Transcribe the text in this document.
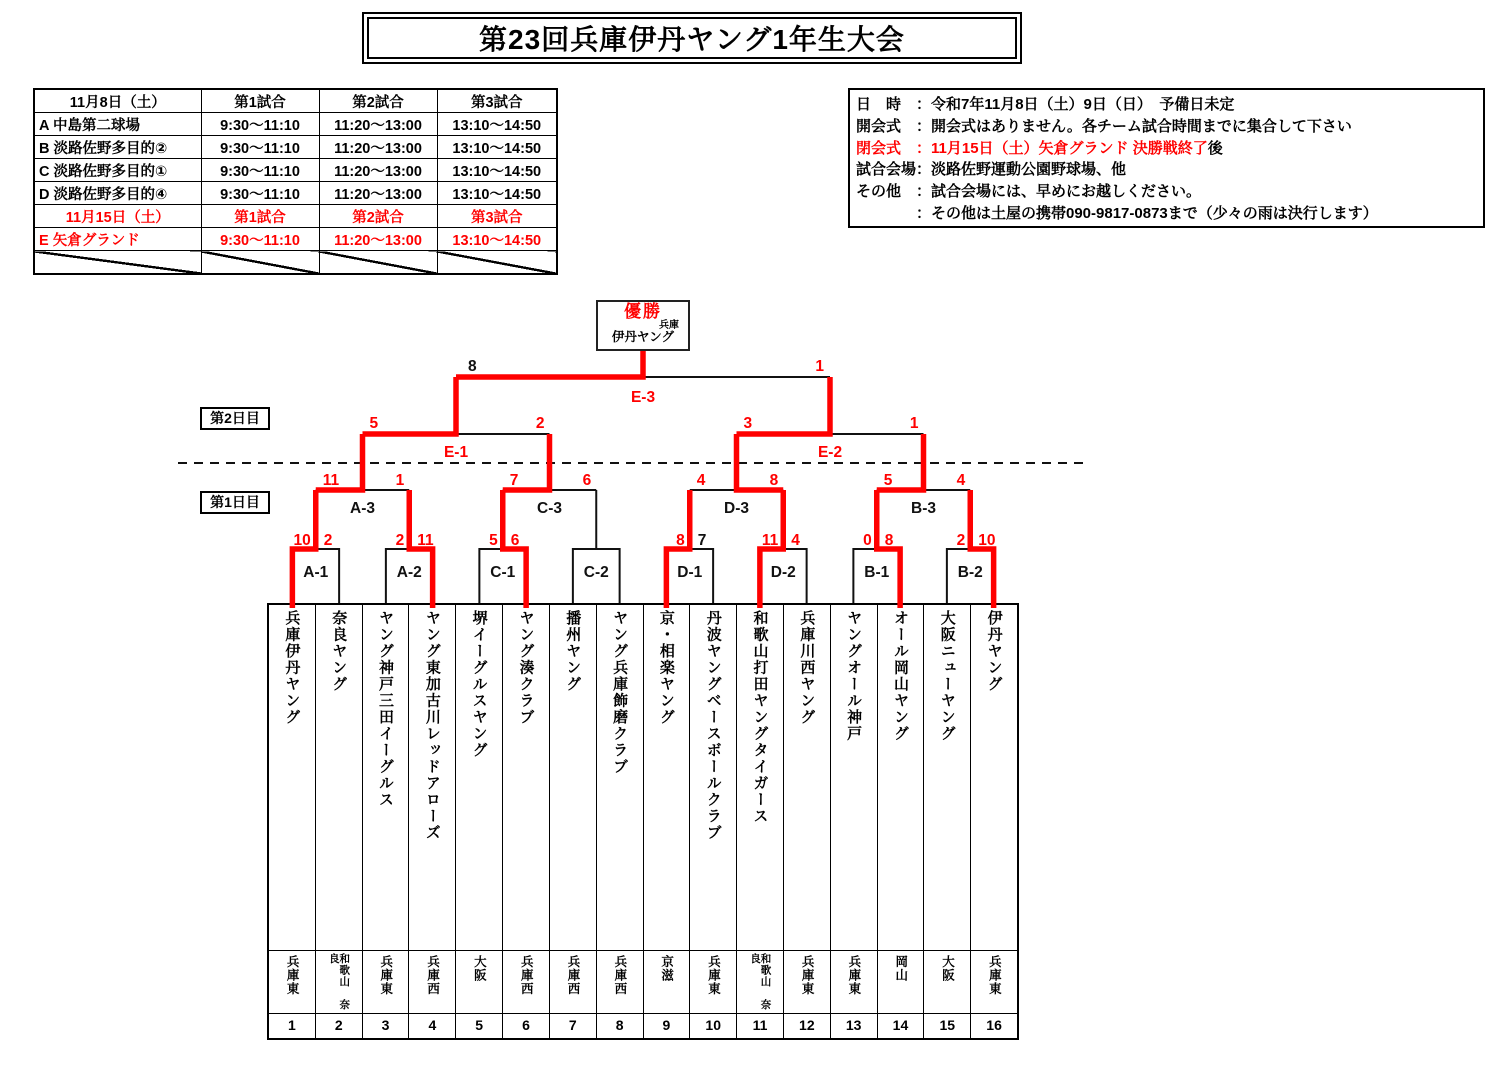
第23回兵庫伊丹ヤング1年生大会
11月8日（土）	第1試合	第2試合	第3試合
A 中島第二球場	9:30～11:10	11:20～13:00	13:10～14:50
B 淡路佐野多目的②	9:30～11:10	11:20～13:00	13:10～14:50
C 淡路佐野多目的①	9:30～11:10	11:20～13:00	13:10～14:50
D 淡路佐野多目的④	9:30～11:10	11:20～13:00	13:10～14:50
11月15日（土）	第1試合	第2試合	第3試合
E 矢倉グランド	9:30～11:10	11:20～13:00	13:10～14:50

日　時　：令和7年11月8日（土）9日（日）　予備日未定
開会式　：開会式はありません。各チーム試合時間までに集合して下さい
閉会式　：11月15日（土）矢倉グランド 決勝戦終了後
試合会場：淡路佐野運動公園野球場、他
その他　：試合会場には、早めにお越しください。
　　　　：その他は土屋の携帯090-9817-0873まで（少々の雨は決行します）
第2日目
第1日目
優勝
兵庫
伊丹ヤング
兵庫伊丹ヤング
兵庫東
1
奈良ヤング
和歌山　奈良
2
ヤング神戸三田イーグルス
兵庫東
3
ヤング東加古川レッドアローズ
兵庫西
4
堺イーグルスヤング
大阪
5
ヤング湊クラブ
兵庫西
6
播州ヤング
兵庫西
7
ヤング兵庫飾磨クラブ
兵庫西
8
京・相楽ヤング
京滋
9
丹波ヤングベースボールクラブ
兵庫東
10
和歌山打田ヤングタイガース
和歌山　奈良
11
兵庫川西ヤング
兵庫東
12
ヤングオール神戸
兵庫東
13
オール岡山ヤング
岡山
14
大阪ニューヤング
大阪
15
伊丹ヤング
兵庫東
16
10 2
A-1
2 11
A-2
5 6
C-1	C-2
8 7
D-1
11 4
D-2
0 8
B-1
2 10
B-2
11	1
A-3
7	6
C-3
4	8
D-3
5	4
B-3
5	2
E-1
3	1
E-2
8	1
E-3
